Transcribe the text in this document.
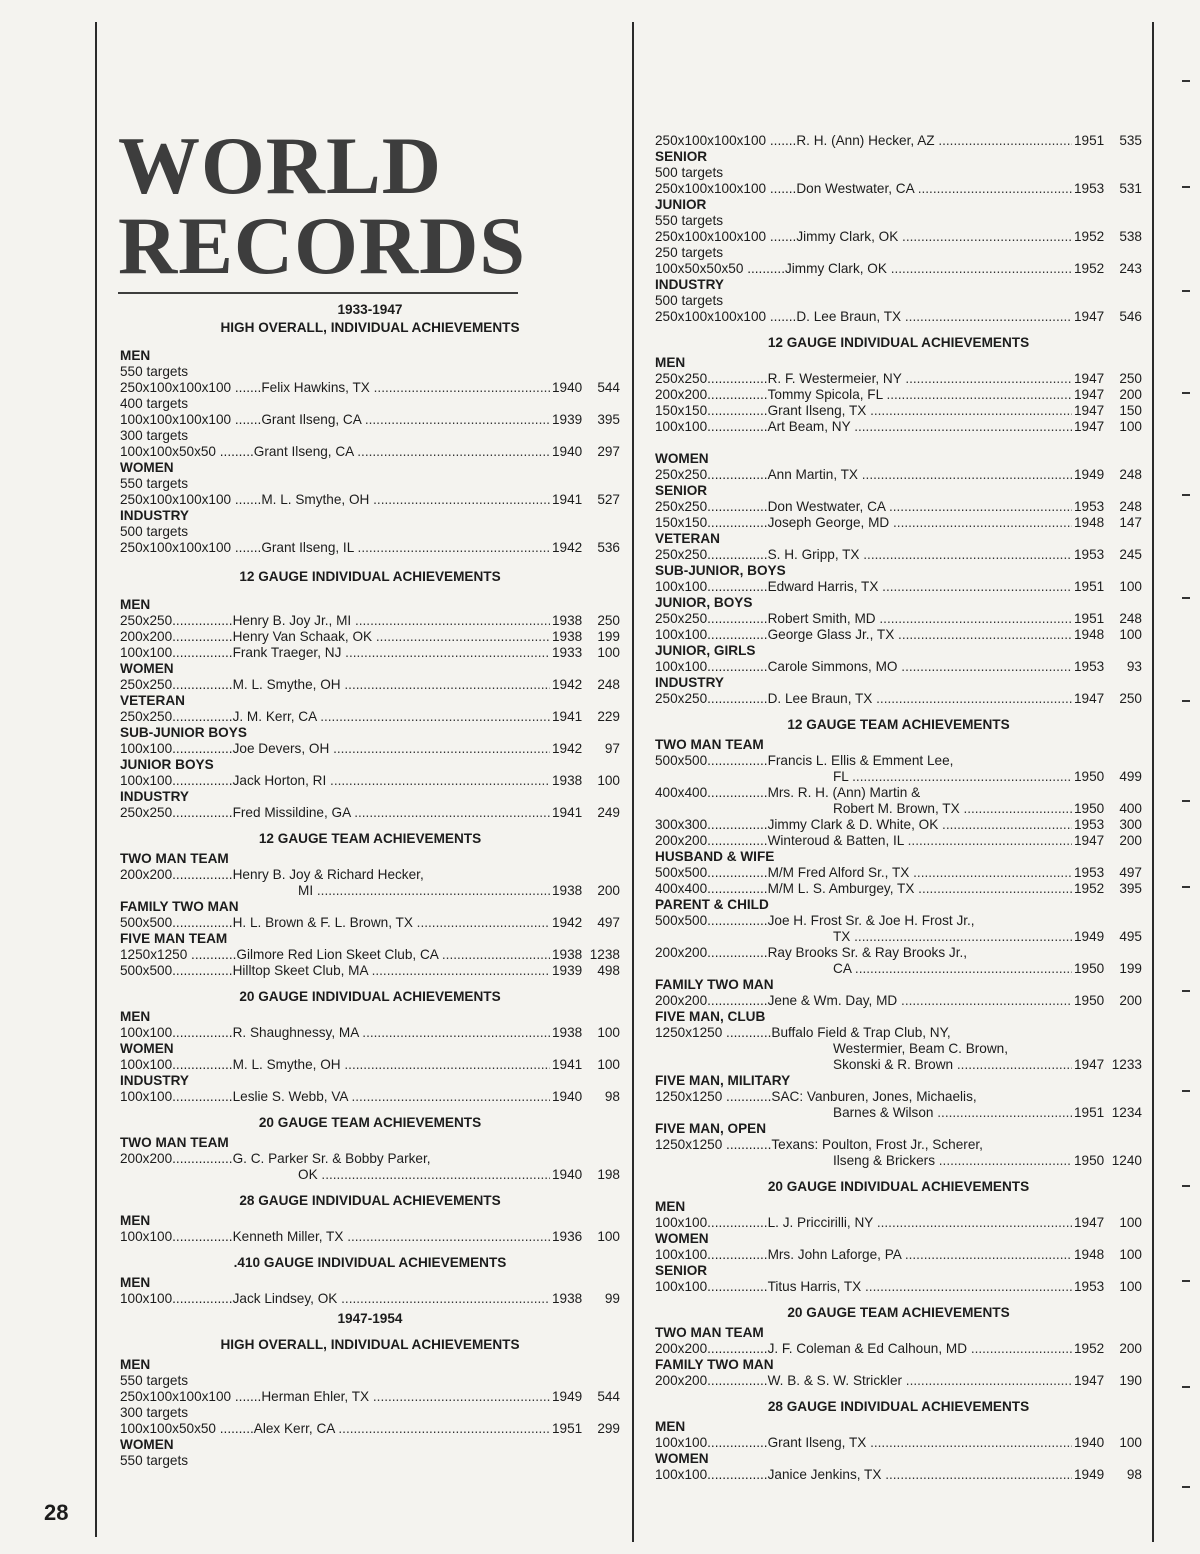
WORLD
RECORDS
1933-1947
HIGH OVERALL, INDIVIDUAL ACHIEVEMENTS
MEN
550 targets
250x100x100x100 .......Felix Hawkins, TX .....	1940	544
400 targets
100x100x100x100 .......Grant Ilseng, CA .....	1939	395
300 targets
100x100x50x50 .........Grant Ilseng, CA .....	1940	297
WOMEN
550 targets
250x100x100x100 .......M. L. Smythe, OH .....	1941	527
INDUSTRY
500 targets
250x100x100x100 .......Grant Ilseng, IL .....	1942	536
12 GAUGE INDIVIDUAL ACHIEVEMENTS
MEN
250x250................Henry B. Joy Jr., MI .....	1938	250
200x200................Henry Van Schaak, OK .....	1938	199
100x100................Frank Traeger, NJ .....	1933	100
WOMEN
250x250................M. L. Smythe, OH .....	1942	248
VETERAN
250x250................J. M. Kerr, CA .....	1941	229
SUB-JUNIOR BOYS
100x100................Joe Devers, OH .....	1942	97
JUNIOR BOYS
100x100................Jack Horton, RI .....	1938	100
INDUSTRY
250x250................Fred Missildine, GA .....	1941	249
12 GAUGE TEAM ACHIEVEMENTS
TWO MAN TEAM
200x200................Henry B. Joy & Richard Hecker,
MI .....	1938	200
FAMILY TWO MAN
500x500................H. L. Brown & F. L. Brown, TX .....	1942	497
FIVE MAN TEAM
1250x1250 ............Gilmore Red Lion Skeet Club, CA .....	1938 1238
500x500................Hilltop Skeet Club, MA .....	1939	498
20 GAUGE INDIVIDUAL ACHIEVEMENTS
MEN
100x100................R. Shaughnessy, MA .....	1938	100
WOMEN
100x100................M. L. Smythe, OH .....	1941	100
INDUSTRY
100x100................Leslie S. Webb, VA .....	1940	98
20 GAUGE TEAM ACHIEVEMENTS
TWO MAN TEAM
200x200................G. C. Parker Sr. & Bobby Parker,
OK .....	1940	198
28 GAUGE INDIVIDUAL ACHIEVEMENTS
MEN
100x100................Kenneth Miller, TX .....	1936	100
.410 GAUGE INDIVIDUAL ACHIEVEMENTS
MEN
100x100................Jack Lindsey, OK .....	1938	99
1947-1954
HIGH OVERALL, INDIVIDUAL ACHIEVEMENTS
MEN
550 targets
250x100x100x100 .......Herman Ehler, TX .....	1949	544
300 targets
100x100x50x50 .........Alex Kerr, CA .....	1951	299
WOMEN
550 targets
250x100x100x100 .......R. H. (Ann) Hecker, AZ .....	1951	535
SENIOR
500 targets
250x100x100x100 .......Don Westwater, CA .....	1953	531
JUNIOR
550 targets
250x100x100x100 .......Jimmy Clark, OK .....	1952	538
250 targets
100x50x50x50 ..........Jimmy Clark, OK .....	1952	243
INDUSTRY
500 targets
250x100x100x100 .......D. Lee Braun, TX .....	1947	546
12 GAUGE INDIVIDUAL ACHIEVEMENTS
MEN
250x250................R. F. Westermeier, NY .....	1947	250
200x200................Tommy Spicola, FL .....	1947	200
150x150................Grant Ilseng, TX .....	1947	150
100x100................Art Beam, NY .....	1947	100
WOMEN
250x250................Ann Martin, TX .....	1949	248
SENIOR
250x250................Don Westwater, CA .....	1953	248
150x150................Joseph George, MD .....	1948	147
VETERAN
250x250................S. H. Gripp, TX .....	1953	245
SUB-JUNIOR, BOYS
100x100................Edward Harris, TX .....	1951	100
JUNIOR, BOYS
250x250................Robert Smith, MD .....	1951	248
100x100................George Glass Jr., TX .....	1948	100
JUNIOR, GIRLS
100x100................Carole Simmons, MO .....	1953	93
INDUSTRY
250x250................D. Lee Braun, TX .....	1947	250
12 GAUGE TEAM ACHIEVEMENTS
TWO MAN TEAM
500x500................Francis L. Ellis & Emment Lee,
FL .....	1950	499
400x400................Mrs. R. H. (Ann) Martin &
Robert M. Brown, TX .....	1950	400
300x300................Jimmy Clark & D. White, OK .....	1953	300
200x200................Winteroud & Batten, IL .....	1947	200
HUSBAND & WIFE
500x500................M/M Fred Alford Sr., TX .....	1953	497
400x400................M/M L. S. Amburgey, TX .....	1952	395
PARENT & CHILD
500x500................Joe H. Frost Sr. & Joe H. Frost Jr.,
TX .....	1949	495
200x200................Ray Brooks Sr. & Ray Brooks Jr.,
CA .....	1950	199
FAMILY TWO MAN
200x200................Jene & Wm. Day, MD .....	1950	200
FIVE MAN, CLUB
1250x1250 ............Buffalo Field & Trap Club, NY,
Westermier, Beam C. Brown,
Skonski & R. Brown .....	1947 1233
FIVE MAN, MILITARY
1250x1250 ............SAC: Vanburen, Jones, Michaelis,
Barnes & Wilson .....	1951 1234
FIVE MAN, OPEN
1250x1250 ............Texans: Poulton, Frost Jr., Scherer,
Ilseng & Brickers .....	1950 1240
20 GAUGE INDIVIDUAL ACHIEVEMENTS
MEN
100x100................L. J. Priccirilli, NY .....	1947	100
WOMEN
100x100................Mrs. John Laforge, PA .....	1948	100
SENIOR
100x100................Titus Harris, TX .....	1953	100
20 GAUGE TEAM ACHIEVEMENTS
TWO MAN TEAM
200x200................J. F. Coleman & Ed Calhoun, MD .....	1952	200
FAMILY TWO MAN
200x200................W. B. & S. W. Strickler .....	1947	190
28 GAUGE INDIVIDUAL ACHIEVEMENTS
MEN
100x100................Grant Ilseng, TX .....	1940	100
WOMEN
100x100................Janice Jenkins, TX .....	1949	98
28
